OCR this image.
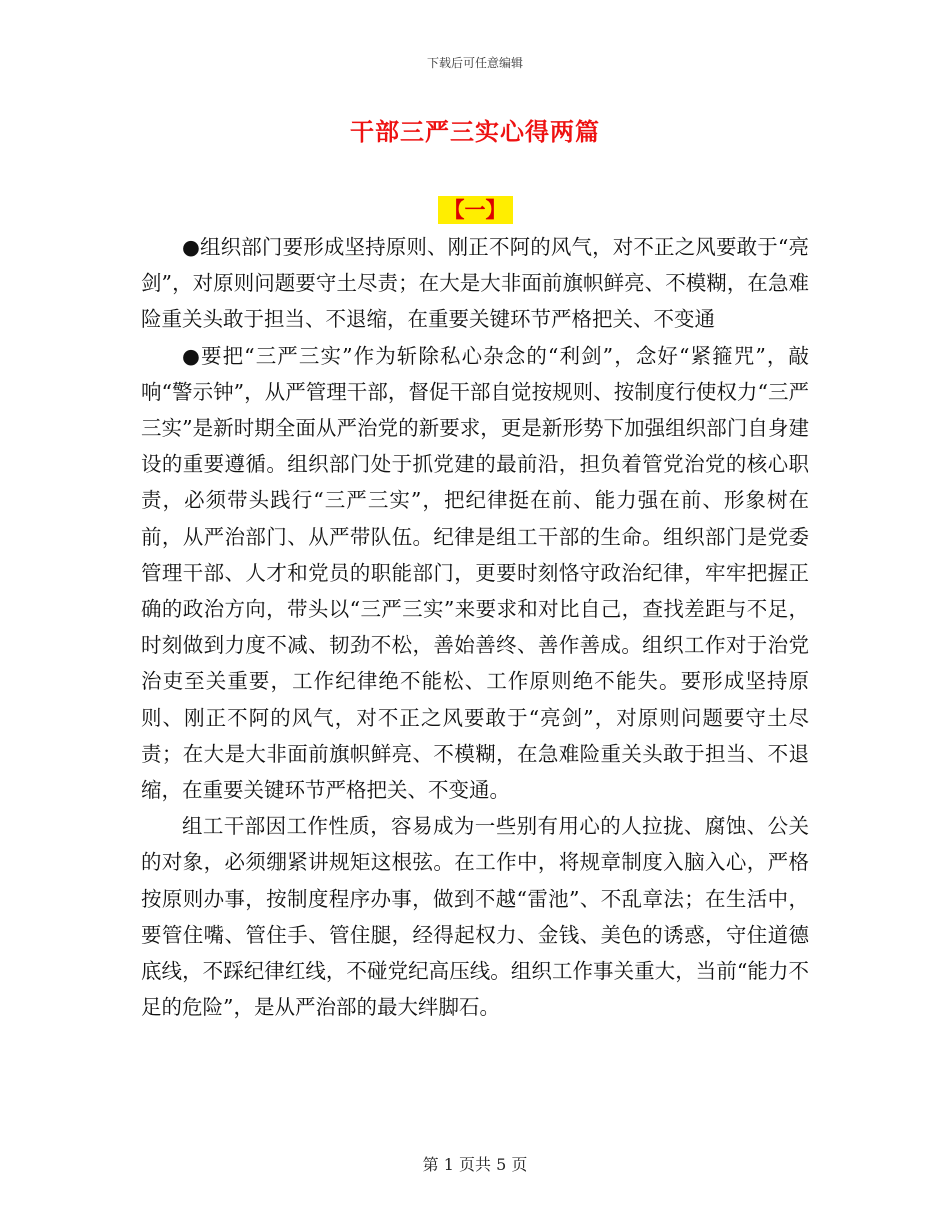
下载后可任意编辑
干部三严三实心得两篇
【一】

●组织部门要形成坚持原则、刚正不阿的风气，对不正之风要敢于“亮剑”，对原则问题要守土尽责；在大是大非面前旗帜鲜亮、不模糊，在急难险重关头敢于担当、不退缩，在重要关键环节严格把关、不变通

●要把“三严三实”作为斩除私心杂念的“利剑”，念好“紧箍咒”，敲响“警示钟”，从严管理干部，督促干部自觉按规则、按制度行使权力“三严三实”是新时期全面从严治党的新要求，更是新形势下加强组织部门自身建设的重要遵循。组织部门处于抓党建的最前沿，担负着管党治党的核心职责，必须带头践行“三严三实”，把纪律挺在前、能力强在前、形象树在前，从严治部门、从严带队伍。纪律是组工干部的生命。组织部门是党委管理干部、人才和党员的职能部门，更要时刻恪守政治纪律，牢牢把握正确的政治方向，带头以“三严三实”来要求和对比自己，查找差距与不足，时刻做到力度不减、韧劲不松，善始善终、善作善成。组织工作对于治党治吏至关重要，工作纪律绝不能松、工作原则绝不能失。要形成坚持原则、刚正不阿的风气，对不正之风要敢于“亮剑”，对原则问题要守土尽责；在大是大非面前旗帜鲜亮、不模糊，在急难险重关头敢于担当、不退缩，在重要关键环节严格把关、不变通。

组工干部因工作性质，容易成为一些别有用心的人拉拢、腐蚀、公关的对象，必须绷紧讲规矩这根弦。在工作中，将规章制度入脑入心，严格按原则办事，按制度程序办事，做到不越“雷池”、不乱章法；在生活中，要管住嘴、管住手、管住腿，经得起权力、金钱、美色的诱惑，守住道德底线，不踩纪律红线，不碰党纪高压线。组织工作事关重大，当前“能力不足的危险”，是从严治部的最大绊脚石。

第 1 页共 5 页
